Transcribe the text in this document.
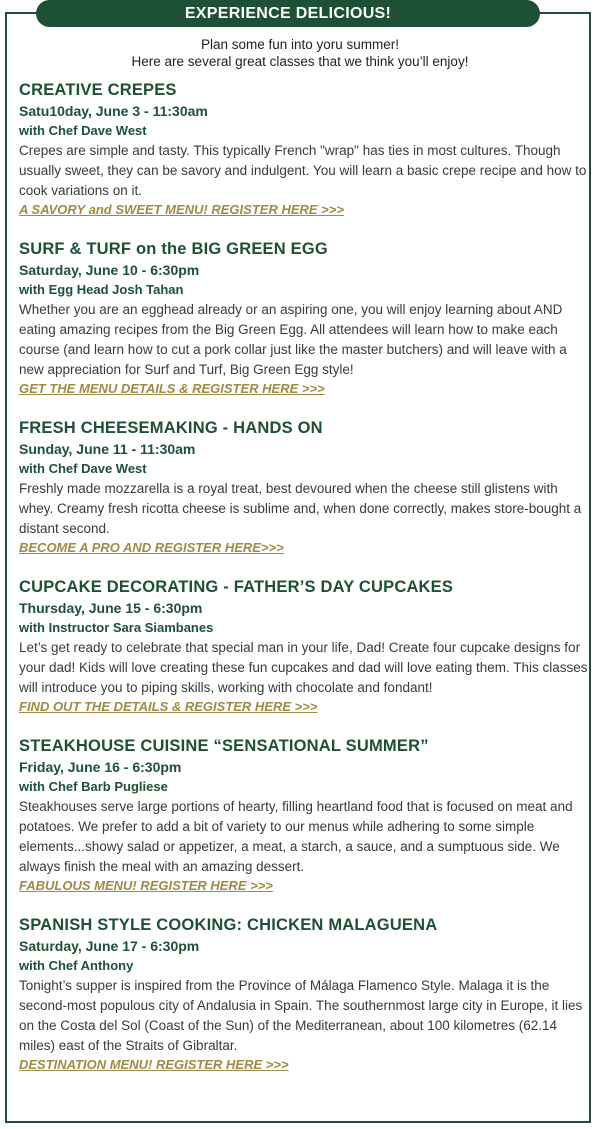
EXPERIENCE DELICIOUS!
Plan some fun into yoru summer!
Here are several great classes that we think you’ll enjoy!
CREATIVE CREPES
Satu10day, June 3 - 11:30am
with Chef Dave West
Crepes are simple and tasty. This typically French "wrap" has ties in most cultures. Though usually sweet, they can be savory and indulgent. You will learn a basic crepe recipe and how to cook variations on it.
A SAVORY and SWEET MENU! REGISTER HERE >>>
SURF & TURF on the BIG GREEN EGG
Saturday, June 10 - 6:30pm
with Egg Head Josh Tahan
Whether you are an egghead already or an aspiring one, you will enjoy learning about AND eating amazing recipes from the Big Green Egg. All attendees will learn how to make each course (and learn how to cut a pork collar just like the master butchers) and will leave with a new appreciation for Surf and Turf, Big Green Egg style!
GET THE MENU DETAILS & REGISTER HERE >>>
FRESH CHEESEMAKING - HANDS ON
Sunday, June 11 - 11:30am
with Chef Dave West
Freshly made mozzarella is a royal treat, best devoured when the cheese still glistens with whey. Creamy fresh ricotta cheese is sublime and, when done correctly, makes store-bought a distant second.
BECOME A PRO AND REGISTER HERE>>>
CUPCAKE DECORATING - FATHER’S DAY CUPCAKES
Thursday, June 15 - 6:30pm
with Instructor Sara Siambanes
Let’s get ready to celebrate that special man in your life, Dad! Create four cupcake designs for your dad! Kids will love creating these fun cupcakes and dad will love eating them. This classes will introduce you to piping skills, working with chocolate and fondant!
FIND OUT THE DETAILS & REGISTER HERE >>>
STEAKHOUSE CUISINE “SENSATIONAL SUMMER”
Friday, June 16 - 6:30pm
with Chef Barb Pugliese
Steakhouses serve large portions of hearty, filling heartland food that is focused on meat and potatoes. We prefer to add a bit of variety to our menus while adhering to some simple elements...showy salad or appetizer, a meat, a starch, a sauce, and a sumptuous side. We always finish the meal with an amazing dessert.
FABULOUS MENU! REGISTER HERE >>>
SPANISH STYLE COOKING: CHICKEN MALAGUENA
Saturday, June 17 - 6:30pm
with Chef Anthony
Tonight’s supper is inspired from the Province of Málaga Flamenco Style. Malaga it is the second-most populous city of Andalusia in Spain. The southernmost large city in Europe, it lies on the Costa del Sol (Coast of the Sun) of the Mediterranean, about 100 kilometres (62.14 miles) east of the Straits of Gibraltar.
DESTINATION MENU! REGISTER HERE >>>
